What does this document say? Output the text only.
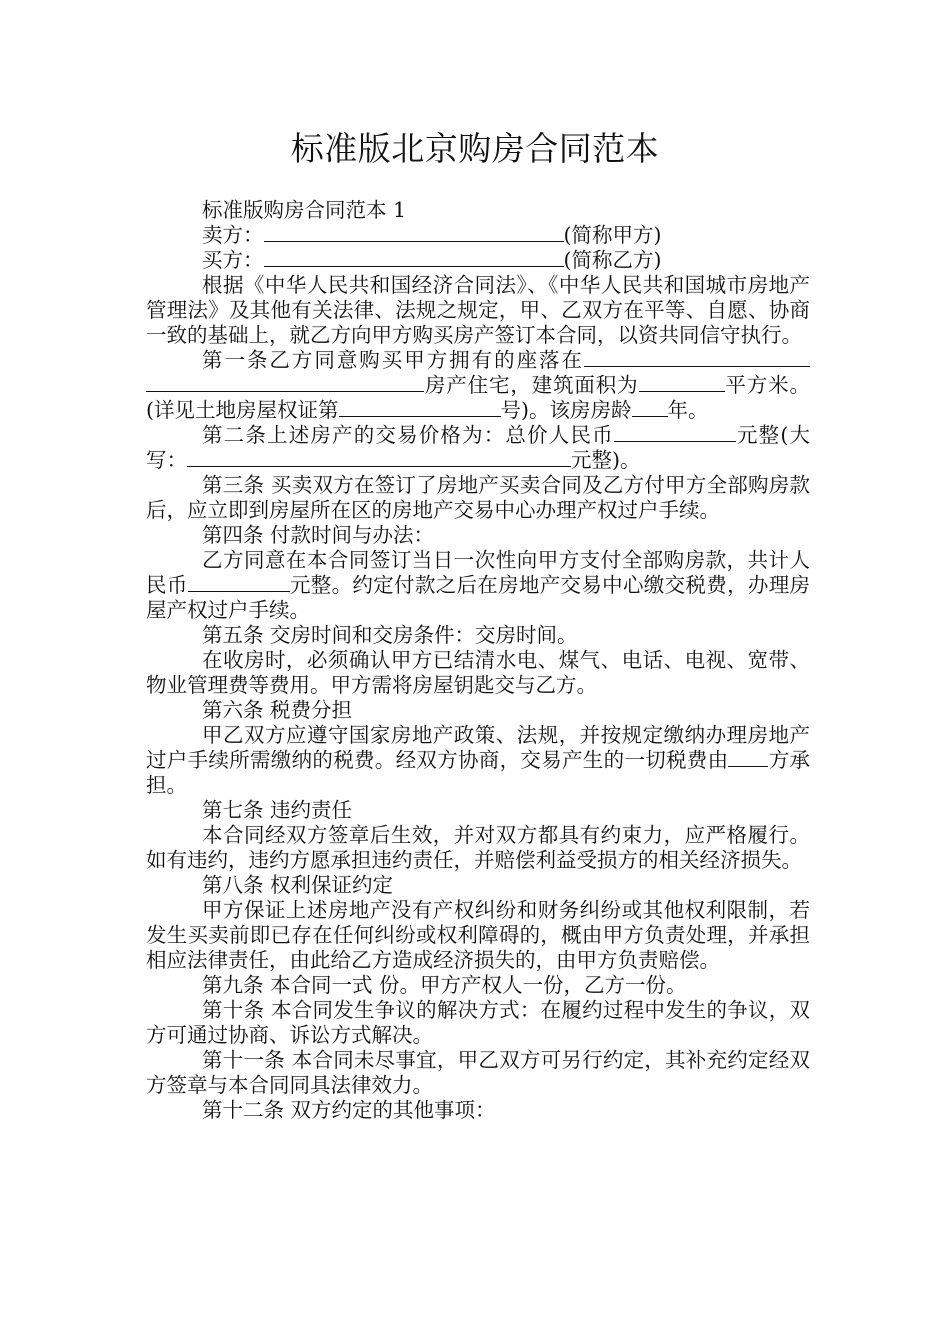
标准版北京购房合同范本

标准版购房合同范本 1

卖方：	(简称甲方)

买方：	(简称乙方)

根据《中华人民共和国经济合同法》、《中华人民共和国城市房地产管理法》及其他有关法律、法规之规定，甲、乙双方在平等、自愿、协商一致的基础上，就乙方向甲方购买房产签订本合同，以资共同信守执行。

第一条乙方同意购买甲方拥有的座落在房产住宅，建筑面积为	平方米。(详见土地房屋权证第	号)。该房房龄 年。

第二条上述房产的交易价格为：总价人民币	元整(大写：	元整)。

第三条 买卖双方在签订了房地产买卖合同及乙方付甲方全部购房款后，应立即到房屋所在区的房地产交易中心办理产权过户手续。

第四条 付款时间与办法：

乙方同意在本合同签订当日一次性向甲方支付全部购房款，共计人民币	元整。约定付款之后在房地产交易中心缴交税费，办理房屋产权过户手续。

第五条 交房时间和交房条件：交房时间。

在收房时，必须确认甲方已结清水电、煤气、电话、电视、宽带、物业管理费等费用。甲方需将房屋钥匙交与乙方。

第六条 税费分担

甲乙双方应遵守国家房地产政策、法规，并按规定缴纳办理房地产过户手续所需缴纳的税费。经双方协商，交易产生的一切税费由 方承担。

第七条 违约责任

本合同经双方签章后生效，并对双方都具有约束力，应严格履行。如有违约，违约方愿承担违约责任，并赔偿利益受损方的相关经济损失。

第八条 权利保证约定

甲方保证上述房地产没有产权纠纷和财务纠纷或其他权利限制，若发生买卖前即已存在任何纠纷或权利障碍的，概由甲方负责处理，并承担相应法律责任，由此给乙方造成经济损失的，由甲方负责赔偿。

第九条 本合同一式 份。甲方产权人一份，乙方一份。

第十条 本合同发生争议的解决方式：在履约过程中发生的争议，双方可通过协商、诉讼方式解决。

第十一条 本合同未尽事宜，甲乙双方可另行约定，其补充约定经双方签章与本合同同具法律效力。

第十二条 双方约定的其他事项：
